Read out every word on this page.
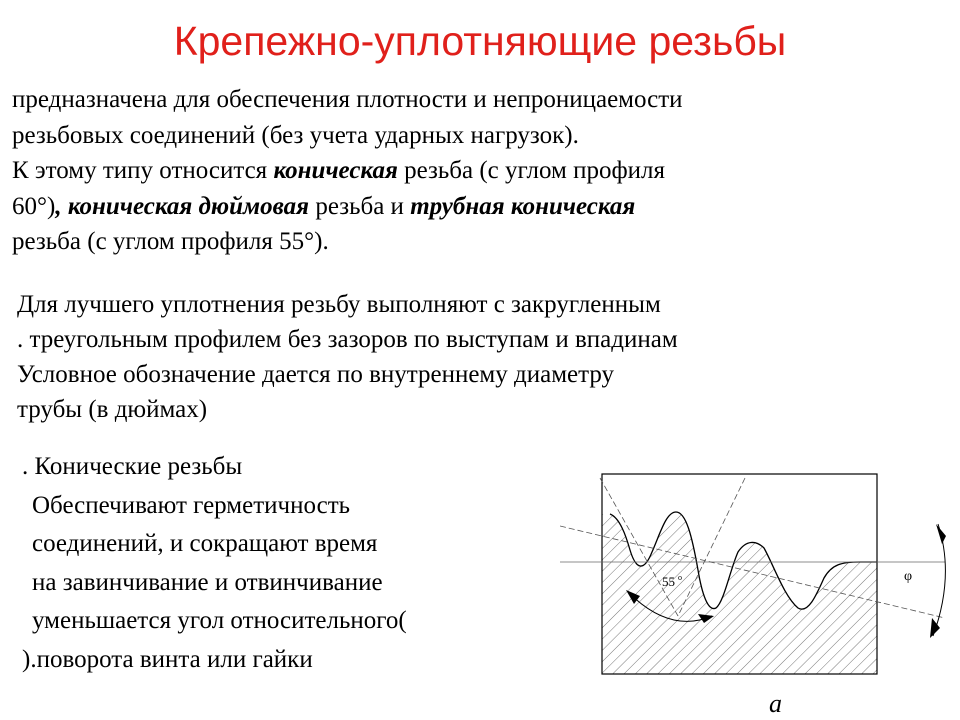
Крепежно-уплотняющие резьбы
предназначена для обеспечения плотности и непроницаемости
резьбовых соединений (без учета ударных нагрузок).
К этому типу относится коническая резьба (с углом профиля
60°), коническая дюймовая резьба и трубная коническая
резьба (с углом профиля 55°).
Для лучшего уплотнения резьбу выполняют с закругленным
. треугольным профилем без зазоров по выступам и впадинам
Условное обозначение дается по внутреннему диаметру
трубы (в дюймах)
. Конические резьбы
Обеспечивают герметичность
соединений, и сокращают время
на завинчивание и отвинчивание
уменьшается угол относительного(
).поворота винта или гайки
55 o	φ
a
